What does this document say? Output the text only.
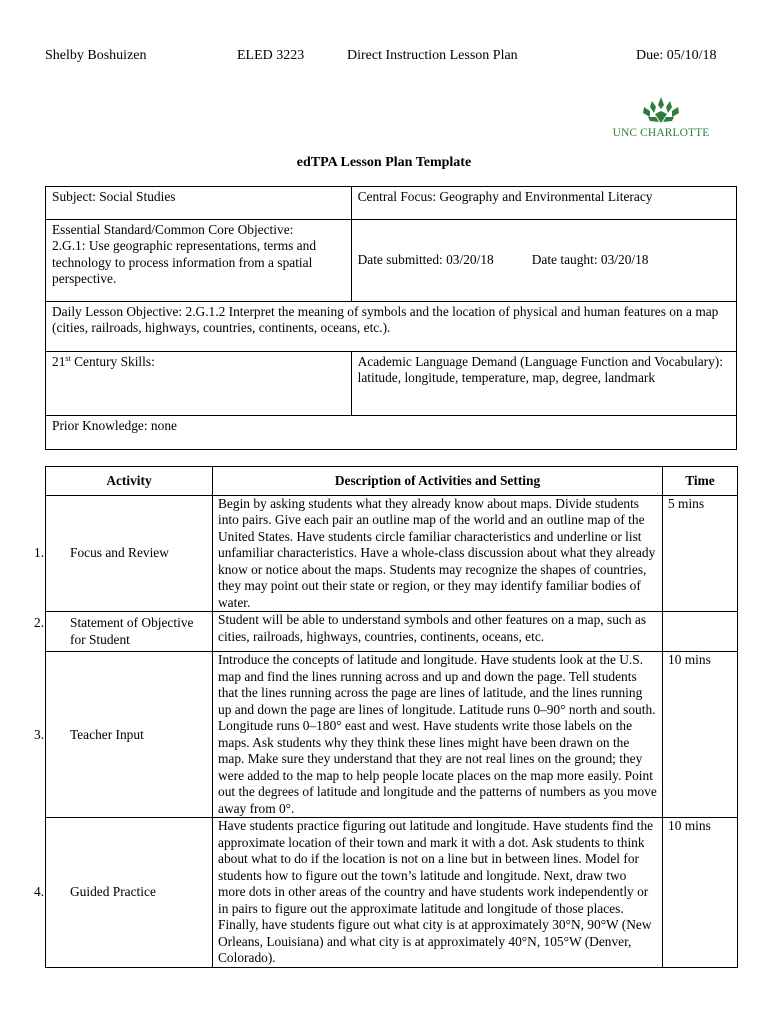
Shelby Boshuizen	ELED 3223	Direct Instruction Lesson Plan	Due: 05/10/18
UNC CHARLOTTE
edTPA Lesson Plan Template
Subject: Social Studies	Central Focus: Geography and Environmental Literacy

Essential Standard/Common Core Objective:
2.G.1: Use geographic representations, terms and technology to process information from a spatial perspective.	Date submitted: 03/20/18 Date taught: 03/20/18
Daily Lesson Objective: 2.G.1.2 Interpret the meaning of symbols and the location of physical and human features on a map (cities, railroads, highways, countries, continents, oceans, etc.).	
21st Century Skills:	Academic Language Demand (Language Function and Vocabulary): latitude, longitude, temperature, map, degree, landmark
Prior Knowledge: none	
Activity	Description of Activities and Setting	Time

1. Focus and Review	Begin by asking students what they already know about maps. Divide students into pairs. Give each pair an outline map of the world and an outline map of the United States. Have students circle familiar characteristics and underline or list unfamiliar characteristics. Have a whole-class discussion about what they already know or notice about the maps. Students may recognize the shapes of countries, they may point out their state or region, or they may identify familiar bodies of water.	5 mins

2. Statement of Objective for Student	Student will be able to understand symbols and other features on a map, such as cities, railroads, highways, countries, continents, oceans, etc.	

3. Teacher Input	Introduce the concepts of latitude and longitude. Have students look at the U.S. map and find the lines running across and up and down the page. Tell students that the lines running across the page are lines of latitude, and the lines running up and down the page are lines of longitude. Latitude runs 0–90° north and south. Longitude runs 0–180° east and west. Have students write those labels on the maps. Ask students why they think these lines might have been drawn on the map. Make sure they understand that they are not real lines on the ground; they were added to the map to help people locate places on the map more easily. Point out the degrees of latitude and longitude and the patterns of numbers as you move away from 0°.	10 mins

4. Guided Practice	Have students practice figuring out latitude and longitude. Have students find the approximate location of their town and mark it with a dot. Ask students to think about what to do if the location is not on a line but in between lines. Model for students how to figure out the town’s latitude and longitude. Next, draw two more dots in other areas of the country and have students work independently or in pairs to figure out the approximate latitude and longitude of those places. Finally, have students figure out what city is at approximately 30°N, 90°W (New Orleans, Louisiana) and what city is at approximately 40°N, 105°W (Denver, Colorado).	10 mins
